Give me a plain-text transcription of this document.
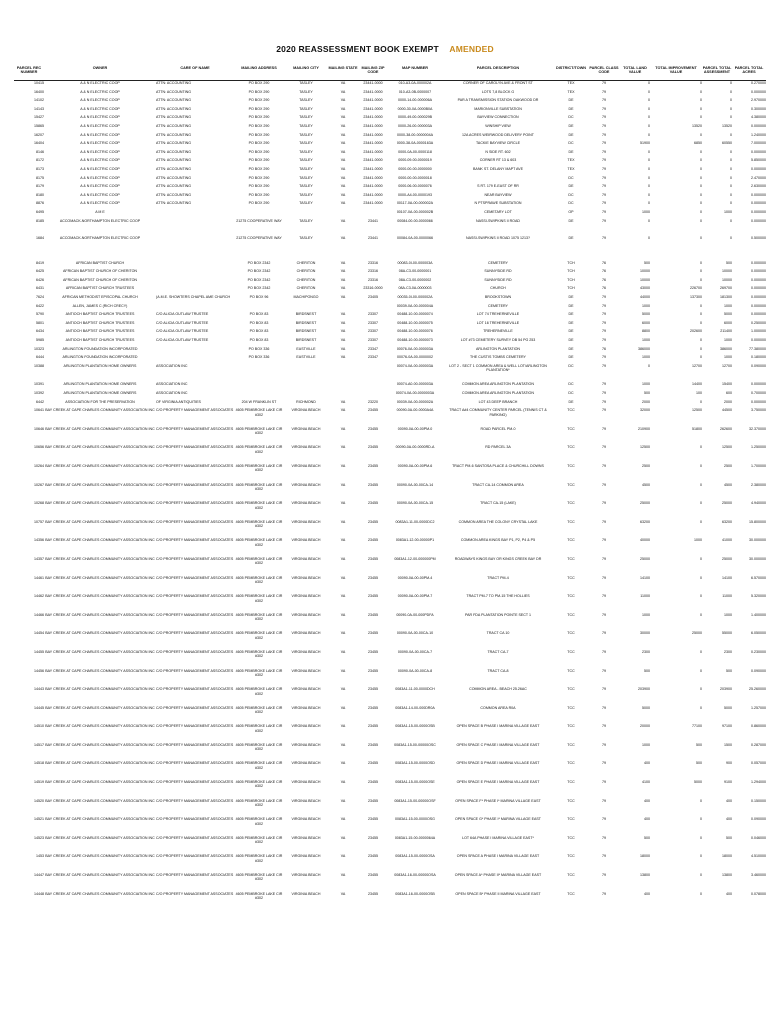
2020 REASSESSMENT BOOK EXEMPT AMENDED
PARCEL REC NUMBER	OWNER	CARE OF NAME	MAILING ADDRESS	MAILING CITY	MAILING STATE	MAILING ZIP CODE	MAP NUMBER	PARCEL DESCRIPTION	DISTRICT/TOWN	PARCEL CLASS CODE	TOTAL LAND VALUE	TOTAL IMPROVEMENT VALUE	PARCEL TOTAL ASSESSMENT	PARCEL TOTAL ACRES
10415	A & N ELECTRIC COOP	ATTN: ACCOUNTING	PO BOX 290	TASLEY	VA	23441-0000	010-A3-0A-000002A	CORNER OF CAROLYN AVE & FRONT ST	TEX	79	0	0	0	0.270000
16400	A & N ELECTRIC COOP	ATTN: ACCOUNTING	PO BOX 290	TASLEY	VA	23441-0000	010-A3-0B-0000007	LOTS 7,8 BLOCK G	TEX	79	0	0	0	0.000000
14102	A & N ELECTRIC COOP	ATTN: ACCOUNTING	PO BOX 290	TASLEY	VA	23441-0000	0000-14-00-000006A	PAR A TRANSMISSION STATION OAKWOOD DR	DE	79	0	0	0	2.970000
14143	A & N ELECTRIC COOP	ATTN: ACCOUNTING	PO BOX 290	TASLEY	VA	23441-0000	0000-30-0A-0000B0A	MARIONVILLE SUBSTATION	DE	79	0	0	0	0.300000
15427	A & N ELECTRIC COOP	ATTN: ACCOUNTING	PO BOX 290	TASLEY	VA	23441-0000	0000-49-00-000029B	BAYVIEW CONNECTION	DC	79	0	0	0	4.380000
15865	A & N ELECTRIC COOP	ATTN: ACCOUNTING	PO BOX 290	TASLEY	VA	23441-0000	0000-26-00-000003A	WINSHIP VIEW	DE	79	0	13520	13520	0.000000
16207	A & N ELECTRIC COOP	ATTN: ACCOUNTING	PO BOX 290	TASLEY	VA	23441-0000	0000-38-00-0000004A	12A ACRES WEIRWOOD DELIVERY POINT	DE	79	0	0	0	1.240000
16404	A & N ELECTRIC COOP	ATTN: ACCOUNTING	PO BOX 290	TASLEY	VA	23441-0000	0000-38-0A-0000163A	TACKIE BAYVIEW CIRCLE	DC	79	51900	6850	60550	7.000000
8146	A & N ELECTRIC COOP	ATTN: ACCOUNTING	PO BOX 290	TASLEY	VA	23441-0000	0000-0A-00-0000118	N SIDE RT. 602	DE	79	0	0	0	0.000000
8172	A & N ELECTRIC COOP	ATTN: ACCOUNTING	PO BOX 290	TASLEY	VA	23441-0000	0000-09-00-0000019	CORNER RT 13 & 603	TEX	79	0	0	0	5.850000
8173	A & N ELECTRIC COOP	ATTN: ACCOUNTING	PO BOX 290	TASLEY	VA	23441-0000	0000-00-00-0000000	BANK ST. DELANY MAPT AVE	TEX	79	0	0	0	0.000000
8175	A & N ELECTRIC COOP	ATTN: ACCOUNTING	PO BOX 290	TASLEY	VA	23441-0000	0000-00-00-0000018		DC	79	0	0	0	2.470000
8179	A & N ELECTRIC COOP	ATTN: ACCOUNTING	PO BOX 290	TASLEY	VA	23441-0000	0000-06-00-0000076	S RT. 179 E-EAST OF RR	DE	79	0	0	0	2.630000
8180	A & N ELECTRIC COOP	ATTN: ACCOUNTING	PO BOX 290	TASLEY	VA	23441-0000	0000-A4-00-0000193	NEAR BAYVIEW	DC	79	0	0	0	0.000000
8876	A & N ELECTRIC COOP	ATTN: ACCOUNTING	PO BOX 290	TASLEY	VA	23441-0000	00117-0A-00-000002A	N PTSPRAWE SUBSTATION	DC	79	0	0	0	0.000000
6495	A M E						00107-0A-00-000002B	CEMETARY LOT	OP	79	1000	0	1000	0.000000
8185	ACCOMACK-NORTHAMPTON ELECTRIC COOP		21275 COOPERATIVE WAY	TASLEY	VA	23441	00084-00-00-0000066	NASSI-SWIPKINS II ROAD	DE	79	0	0	0	0.000000

1684	ACCOMACK-NORTHAMPTON ELECTRIC COOP		21275 COOPERATIVE WAY	TASLEY	VA	23441	00084-0A-00-0000066	NASSI-SWIPKINS II ROAD 1075 1213?	DE	79	0	0	0	0.500000

8419	AFRICAN BAPTIST CHURCH		PO BOX 2342	CHERITON	VA	23316	00083-0I-00-000003A	CEMETERY	TCH	76	500	0	500	0.000000
6425	AFRICAN BAPTIST CHURCH OF CHERITON		PO BOX 2342	CHERITON	VA	23316	08A-C3-00-0000001	SUNNYSIDE RD	TCH	76	10000	0	10000	0.000000
6426	AFRICAN BAPTIST CHURCH OF CHERITON		PO BOX 2342	CHERITON	VA	23316	08A-C3-00-0000002	SUNNYSIDE RD	TCH	76	10000	0	10000	0.000000
6431	AFRICAN BAPTIST CHURCH TRUSTEES		PO BOX 2342	CHERITON	VA	23316-0000	08A-C3-0A-0000003	CHURCH	TCH	76	43000	226700	269700	0.000000
7624	AFRICAN METHODIST EPISCOPAL CHURCH	(A.M.E. SHOWTERS CHAPEL AME CHURCH	PO BOX 96	MACHIPONGO	VA	23405	00035-0I-00-000002A	BROOKSTOWN	DE	79	44000	137300	181300	0.000000
6422	ALLEN, JAMES C (RICH CRECY)						00039-0A-00-000004A	CEMETERY	DE	79	1000	0	1000	0.000000
5790	ANTIOCH BAPTIST CHURCH TRUSTEES	C/O ALICIA OUTLAW TRUSTEE	PO BOX 83	BIRDSNEST	VA	23307	00488-10-00-0000074	LOT 74 TREHERNEVILLE	DE	79	5000	0	5000	0.000000
5801	ANTIOCH BAPTIST CHURCH TRUSTEES	C/O ALICIA OUTLAW TRUSTEE	PO BOX 83	BIRDSNEST	VA	23307	00488-10-00-0000075	LOT 16 TREHERNEVILLE	DE	79	6000	0	6000	0.250000
6434	ANTIOCH BAPTIST CHURCH TRUSTEES	C/O ALICIA OUTLAW TRUSTEE	PO BOX 83	BIRDSNEST	VA	23307	00488-10-00-0000076	TREHERNEVILLE	DE	79	8800	202600	211400	1.000000
5985	ANTIOCH BAPTIST CHURCH TRUSTEES	C/O ALICIA OUTLAW TRUSTEE	PO BOX 83	BIRDSNEST	VA	23307	00488-10-00-0000073	LOT #73 CEMETERY SURVEY DB 54 PG 253	DE	79	1000	0	1000	0.000000
10323	ARLINGTON FOUNDATION INCORPORATED		PO BOX 336	EASTVILLE	VA	23347	00076-0A-00-000003A	ARLINGTON PLANTATION	DE	76	386000	0	386000	77.380000
6444	ARLINGTON FOUNDATION INCORPORATED		PO BOX 336	EASTVILLE	VA	23347	00076-0A-00-0000002	THE CUSTIS TOMBS CEMETERY	DE	79	1000	0	1000	0.180000
10388	ARLINGTON PLANTATION HOME OWNERS	ASSOCIATION INC					00074-0A-00-000003A	LOT 2 - SECT 1 COMMON AREA & WELL LOT/ARLINGTON PLANTATION*	DC	79	0	12700	12700	0.090000
10391	ARLINGTON PLANTATION HOME OWNERS	ASSOCIATION INC					00074-A0-00-000003A	COMMON AREA ARLINGTON PLANTATION	DC	79	1000	14400	15400	0.000000
10392	ARLINGTON PLANTATION HOME OWNERS	ASSOCIATION INC					00074-0A-00-0000003A	COMMON AREA ARLINGTON PLANTATION	DC	79	500	100	600	0.700000
6442	ASSOCIATION FOR THE PRESERVATION	OF VIRGINIA ANTIQUITIES	204 W FRANKLIN ST	RICHMOND	VA	23220	00039-0A-00-000002A	LOT 43 DEEP BRANCH	DE	79	2000	0	2000	0.000000
10641	BAY CREEK AT CAPE CHARLES COMMUNITY ASSOCIATION INC	C/O PROPERTY MANAGEMENT ASSOCIATES	4605 PEMBROKE LAKE CIR #302	VIRGINIA BEACH	VA	23455	00090-0A-00-0000A4A	TRACT A#4 COMMUNITY CENTER PARCEL (TENNIS CT & PARKING)	TCC	79	32000	12500	44500	3.750000
10646	BAY CREEK AT CAPE CHARLES COMMUNITY ASSOCIATION INC	C/O PROPERTY MANAGEMENT ASSOCIATES	4605 PEMBROKE LAKE CIR #302	VIRGINIA BEACH	VA	23455	00090-0A-00-00PM-0	ROAD PARCEL PM-0	TCC	79	210900	51800	262600	32.370000
10656	BAY CREEK AT CAPE CHARLES COMMUNITY ASSOCIATION INC	C/O PROPERTY MANAGEMENT ASSOCIATES	4605 PEMBROKE LAKE CIR #302	VIRGINIA BEACH	VA	23455	00090-0A-00-0000RD-A	RD PARCEL 3A	TCC	79	12500	0	12500	1.250000
10264	BAY CREEK AT CAPE CHARLES COMMUNITY ASSOCIATION INC	C/O PROPERTY MANAGEMENT ASSOCIATES	4605 PEMBROKE LAKE CIR #302	VIRGINIA BEACH	VA	23455	00090-0A-00-00PM-6	TRACT PM-6 SANTOSA PLACE & CHURCHILL DOWNS	TCC	79	2500	0	2500	1.700000
10267	BAY CREEK AT CAPE CHARLES COMMUNITY ASSOCIATION INC	C/O PROPERTY MANAGEMENT ASSOCIATES	4605 PEMBROKE LAKE CIR #302	VIRGINIA BEACH	VA	23455	00090-0A-00-00CA-14	TRACT CA-14 COMMON AREA	TCC	79	4500	0	4500	2.380000
10268	BAY CREEK AT CAPE CHARLES COMMUNITY ASSOCIATION INC	C/O PROPERTY MANAGEMENT ASSOCIATES	4605 PEMBROKE LAKE CIR #302	VIRGINIA BEACH	VA	23455	00090-0A-00-00CA-15	TRACT CA-15 (LAKE)	TCC	79	25000	0	25000	4.940000
10757	BAY CREEK AT CAPE CHARLES COMMUNITY ASSOCIATION INC	C/O PROPERTY MANAGEMENT ASSOCIATES	4605 PEMBROKE LAKE CIR #302	VIRGINIA BEACH	VA	23455	0083A1-11-00-0000DC2	COMMON AREA THE COLONY CRYSTAL LAKE	TCC	79	63200	0	63200	15.800000
14356	BAY CREEK AT CAPE CHARLES COMMUNITY ASSOCIATION INC	C/O PROPERTY MANAGEMENT ASSOCIATES	4605 PEMBROKE LAKE CIR #302	VIRGINIA BEACH	VA	23455	0083A1-12-00-00000P1	COMMON AREA KINGS BAY P1, P2, P4 & P5	TCC	79	40000	1000	41000	30.000000
14357	BAY CREEK AT CAPE CHARLES COMMUNITY ASSOCIATION INC	C/O PROPERTY MANAGEMENT ASSOCIATES	4605 PEMBROKE LAKE CIR #302	VIRGINIA BEACH	VA	23455	0083A1-12-00-000000PM	ROADWAYS KINGS BAY OR KINGS CREEK BAY DR	TCC	79	25000	0	25000	30.000000
14461	BAY CREEK AT CAPE CHARLES COMMUNITY ASSOCIATION INC	C/O PROPERTY MANAGEMENT ASSOCIATES	4605 PEMBROKE LAKE CIR #302	VIRGINIA BEACH	VA	23455	00090-0A-00-00PM-4	TRACT PM-4	TCC	79	14100	0	14100	6.570000
14462	BAY CREEK AT CAPE CHARLES COMMUNITY ASSOCIATION INC	C/O PROPERTY MANAGEMENT ASSOCIATES	4605 PEMBROKE LAKE CIR #302	VIRGINIA BEACH	VA	23455	00090-0A-00-00PM-7	TRACT PM-7 TO PM-15 THE HOLLIES	TCC	79	11000	0	11000	5.320000
14466	BAY CREEK AT CAPE CHARLES COMMUNITY ASSOCIATION INC	C/O PROPERTY MANAGEMENT ASSOCIATES	4605 PEMBROKE LAKE CIR #302	VIRGINIA BEACH	VA	23455	00090-0A-00-000PDFA	PAR FDA PLANTATION POINTE SECT 1	TCC	79	1000	0	1000	1.400000
14454	BAY CREEK AT CAPE CHARLES COMMUNITY ASSOCIATION INC	C/O PROPERTY MANAGEMENT ASSOCIATES	4605 PEMBROKE LAKE CIR #302	VIRGINIA BEACH	VA	23455	00090-0A-00-00CA-10	TRACT CA 10	TCC	79	30000	25000	55000	6.050000
14455	BAY CREEK AT CAPE CHARLES COMMUNITY ASSOCIATION INC	C/O PROPERTY MANAGEMENT ASSOCIATES	4605 PEMBROKE LAKE CIR #302	VIRGINIA BEACH	VA	23455	00090-0A-00-00CA-7	TRACT CA-7	TCC	79	2300	0	2300	0.230000
14456	BAY CREEK AT CAPE CHARLES COMMUNITY ASSOCIATION INC	C/O PROPERTY MANAGEMENT ASSOCIATES	4605 PEMBROKE LAKE CIR #302	VIRGINIA BEACH	VA	23455	00090-0A-00-00CA-8	TRACT CA-8	TCC	79	500	0	500	0.090000
14443	BAY CREEK AT CAPE CHARLES COMMUNITY ASSOCIATION INC	C/O PROPERTY MANAGEMENT ASSOCIATES	4605 PEMBROKE LAKE CIR #302	VIRGINIA BEACH	VA	23455	0083A1-11-00-0000DCH	COMMON AREA - BEACH 25.26AC	TCC	79	203900	0	203900	25.260000
14445	BAY CREEK AT CAPE CHARLES COMMUNITY ASSOCIATION INC	C/O PROPERTY MANAGEMENT ASSOCIATES	4605 PEMBROKE LAKE CIR #302	VIRGINIA BEACH	VA	23455	0083A1-14-00-000DR0A	COMMON AREA R0A	TCC	79	5000	0	5000	1.257000
14510	BAY CREEK AT CAPE CHARLES COMMUNITY ASSOCIATION INC	C/O PROPERTY MANAGEMENT ASSOCIATES	4605 PEMBROKE LAKE CIR #302	VIRGINIA BEACH	VA	23455	0083A1-15-00-0000OSB	OPEN SPACE B PHASE I MARINA VILLAGE EAST	TCC	79	20000	77100	97100	0.860000
14517	BAY CREEK AT CAPE CHARLES COMMUNITY ASSOCIATION INC	C/O PROPERTY MANAGEMENT ASSOCIATES	4605 PEMBROKE LAKE CIR #302	VIRGINIA BEACH	VA	23455	0083A1-15-00-00000OSC	OPEN SPACE C PHASE I MARINA VILLAGE EAST	TCC	79	1000	500	1500	0.287000
14518	BAY CREEK AT CAPE CHARLES COMMUNITY ASSOCIATION INC	C/O PROPERTY MANAGEMENT ASSOCIATES	4605 PEMBROKE LAKE CIR #302	VIRGINIA BEACH	VA	23455	0083A1-15-00-0000OSD	OPEN SPACE D PHASE I MARINA VILLAGE EAST	TCC	79	400	500	900	0.057000
14519	BAY CREEK AT CAPE CHARLES COMMUNITY ASSOCIATION INC	C/O PROPERTY MANAGEMENT ASSOCIATES	4605 PEMBROKE LAKE CIR #302	VIRGINIA BEACH	VA	23455	0083A1-15-00-0000OSE	OPEN SPACE E PHASE I MARINA VILLAGE EAST	TCC	79	4100	5000	9100	1.294000
14520	BAY CREEK AT CAPE CHARLES COMMUNITY ASSOCIATION INC	C/O PROPERTY MANAGEMENT ASSOCIATES	4605 PEMBROKE LAKE CIR #302	VIRGINIA BEACH	VA	23455	0083A1-15-00-00000OSF	OPEN SPACE F* PHASE I* MARINA VILLAGE EAST	TCC	79	400	0	400	0.150000
14521	BAY CREEK AT CAPE CHARLES COMMUNITY ASSOCIATION INC	C/O PROPERTY MANAGEMENT ASSOCIATES	4605 PEMBROKE LAKE CIR #302	VIRGINIA BEACH	VA	23455	0083A1-15-00-0000OSG	OPEN SPACE G* PHASE I* MARINA VILLAGE EAST	TCC	79	400	0	400	0.090000
14523	BAY CREEK AT CAPE CHARLES COMMUNITY ASSOCIATION INC	C/O PROPERTY MANAGEMENT ASSOCIATES	4605 PEMBROKE LAKE CIR #302	VIRGINIA BEACH	VA	23455	0083A1-15-00-0000064A	LOT 64A PHASE I MARINA VILLAGE EAST*	TCC	79	500	0	500	0.046000
1453	BAY CREEK AT CAPE CHARLES COMMUNITY ASSOCIATION INC	C/O PROPERTY MANAGEMENT ASSOCIATES	4605 PEMBROKE LAKE CIR #302	VIRGINIA BEACH	VA	23455	0083A1-15-00-0000OSA	OPEN SPACE A PHASE I MARINA VILLAGE EAST	TCC	79	18000	0	18000	4.510000
14447	BAY CREEK AT CAPE CHARLES COMMUNITY ASSOCIATION INC	C/O PROPERTY MANAGEMENT ASSOCIATES	4605 PEMBROKE LAKE CIR #302	VIRGINIA BEACH	VA	23455	0083A1-16-00-00000OSA	OPEN SPACE A* PHASE II* MARINA VILLAGE EAST	TCC	79	13800	0	13800	3.460000
14448	BAY CREEK AT CAPE CHARLES COMMUNITY ASSOCIATION INC	C/O PROPERTY MANAGEMENT ASSOCIATES	4605 PEMBROKE LAKE CIR #302	VIRGINIA BEACH	VA	23455	0083A1-16-00-0000OSB	OPEN SPACE B* PHASE II MARINA VILLAGE EAST	TCC	79	400	0	400	0.078000
